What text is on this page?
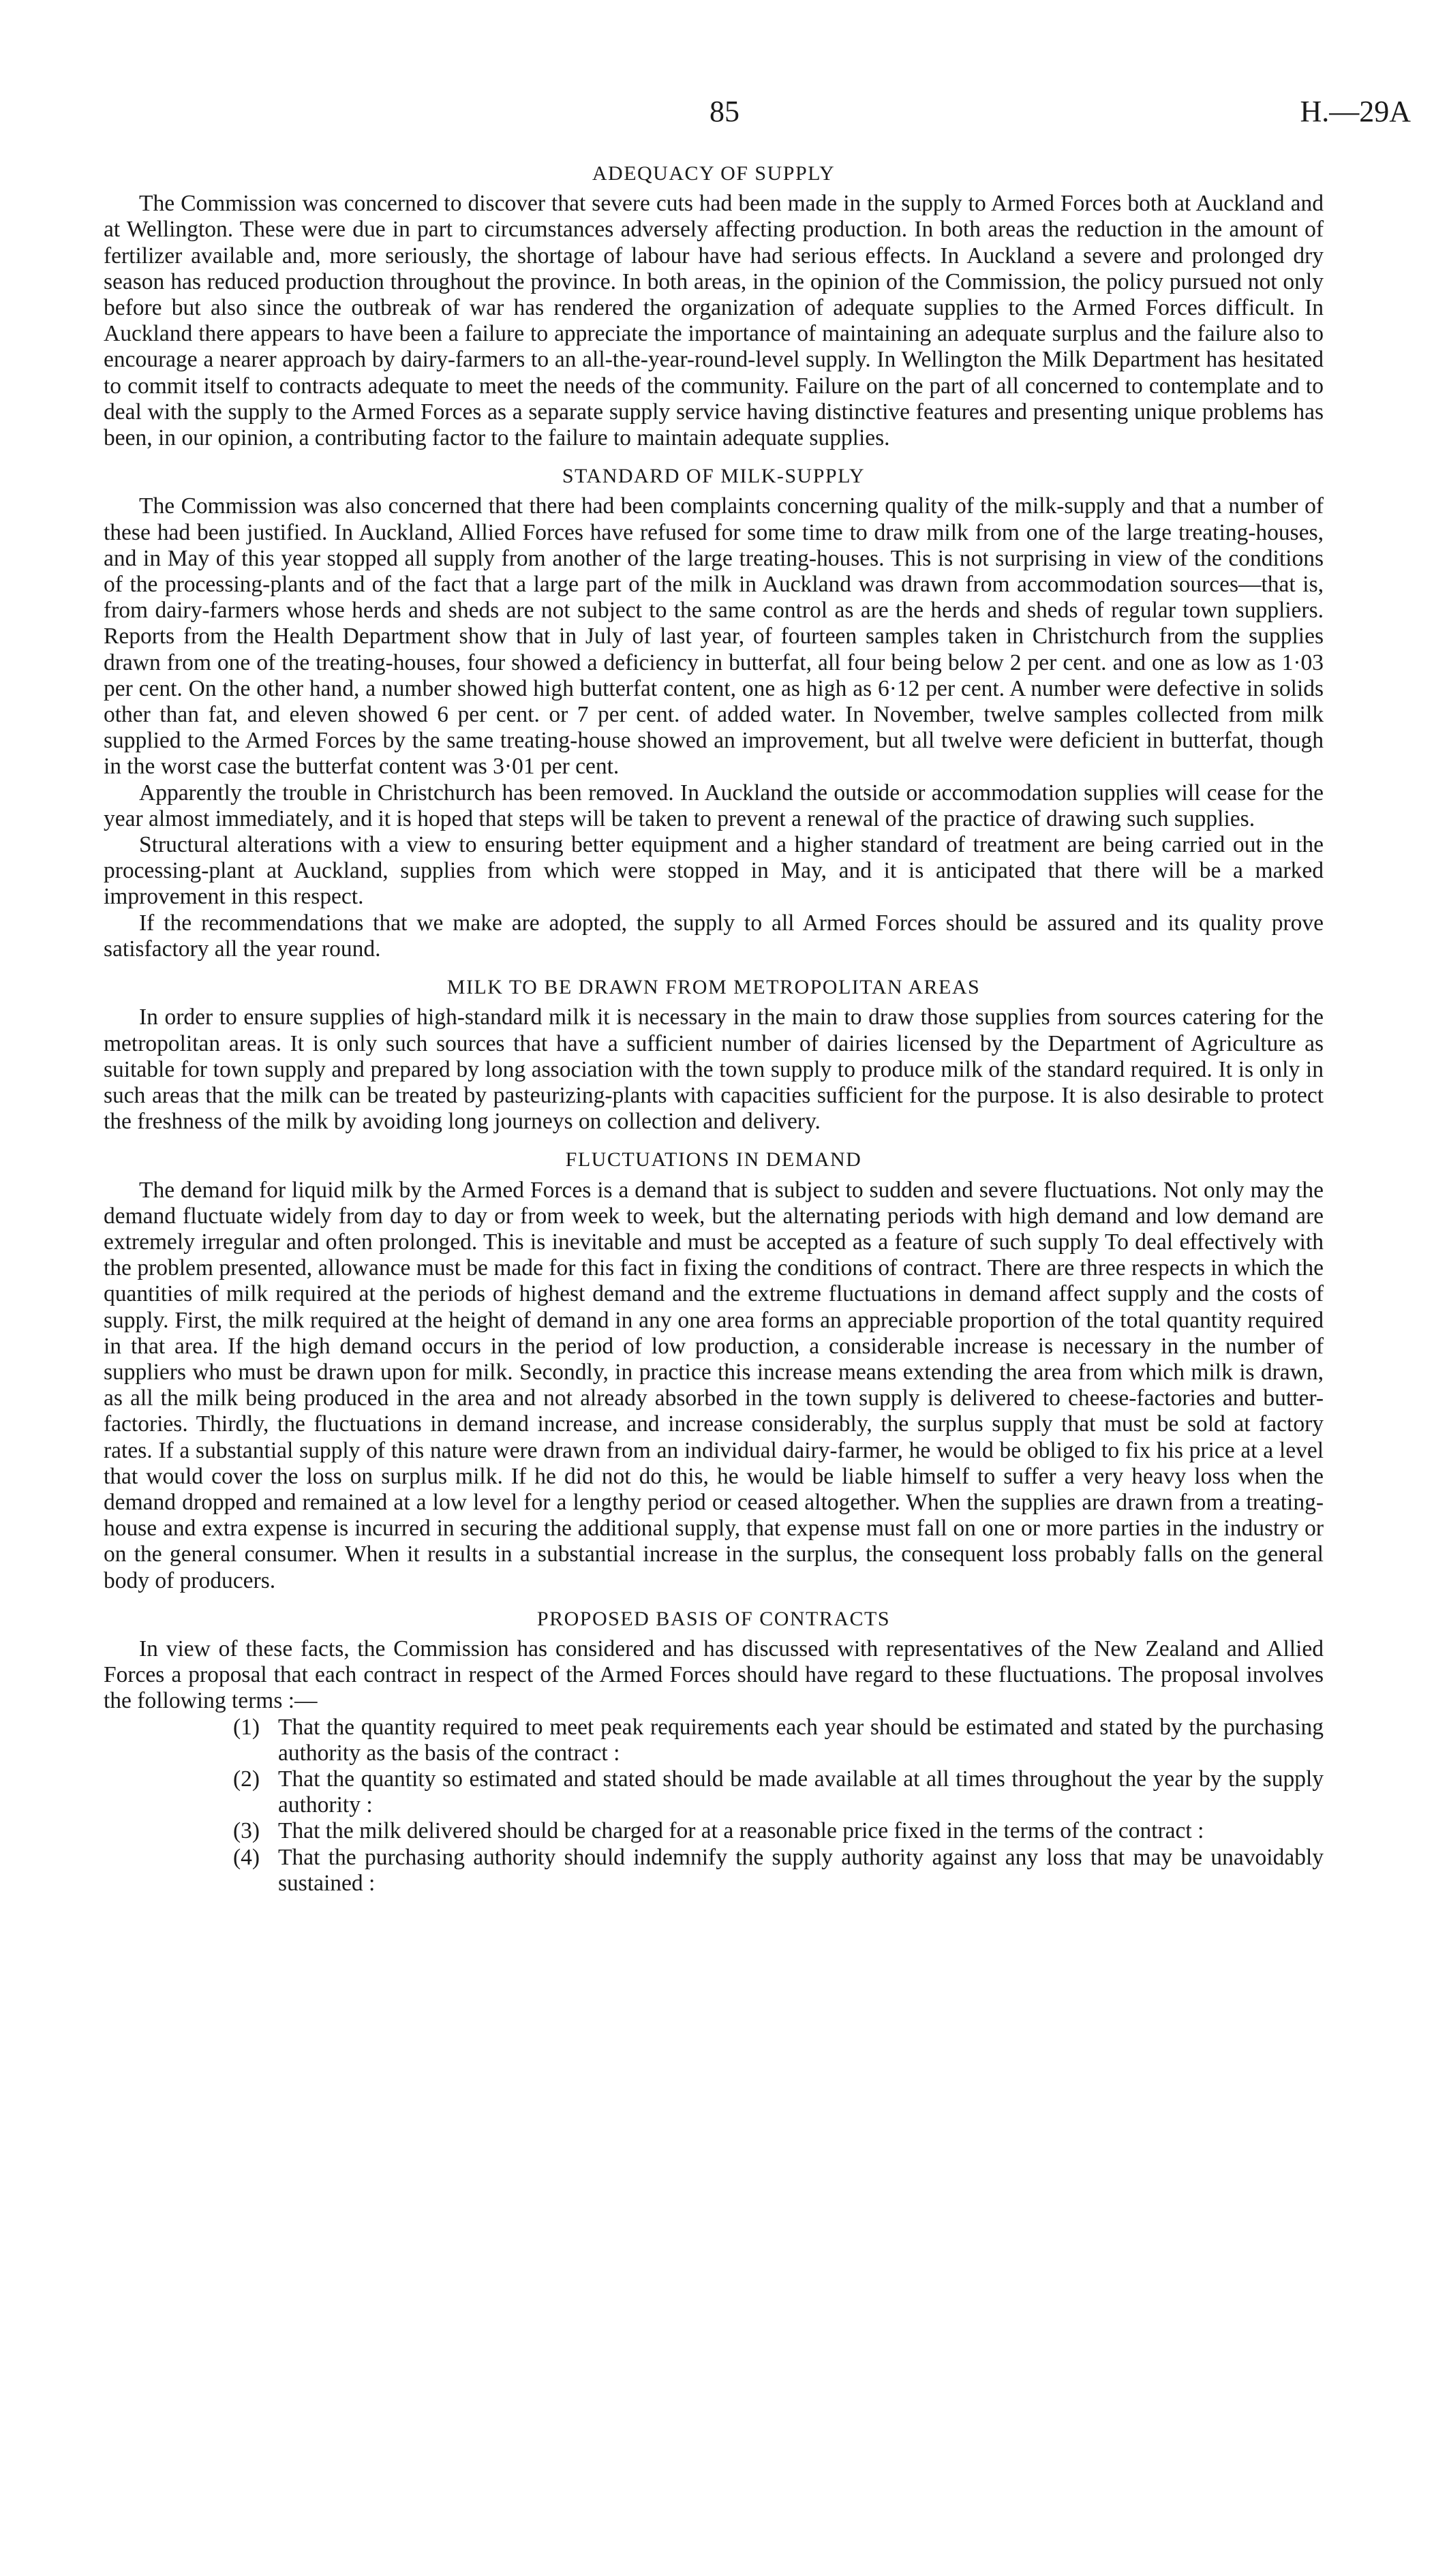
85	H.—29A
ADEQUACY OF SUPPLY

The Commission was concerned to discover that severe cuts had been made in the supply to Armed Forces both at Auckland and at Wellington. These were due in part to circumstances adversely affecting production. In both areas the reduction in the amount of fertilizer available and, more seriously, the shortage of labour have had serious effects. In Auckland a severe and prolonged dry season has reduced production throughout the province. In both areas, in the opinion of the Commission, the policy pursued not only before but also since the outbreak of war has rendered the organization of adequate supplies to the Armed Forces difficult. In Auckland there appears to have been a failure to appreciate the importance of maintaining an adequate surplus and the failure also to encourage a nearer approach by dairy-farmers to an all-the-year-round-level supply. In Wellington the Milk Department has hesitated to commit itself to contracts adequate to meet the needs of the community. Failure on the part of all concerned to contemplate and to deal with the supply to the Armed Forces as a separate supply service having distinctive features and presenting unique problems has been, in our opinion, a contributing factor to the failure to maintain adequate supplies.

STANDARD OF MILK-SUPPLY

The Commission was also concerned that there had been complaints concerning quality of the milk-supply and that a number of these had been justified. In Auckland, Allied Forces have refused for some time to draw milk from one of the large treating-houses, and in May of this year stopped all supply from another of the large treating-houses. This is not surprising in view of the conditions of the processing-plants and of the fact that a large part of the milk in Auckland was drawn from accommodation sources—that is, from dairy-farmers whose herds and sheds are not subject to the same control as are the herds and sheds of regular town suppliers. Reports from the Health Department show that in July of last year, of fourteen samples taken in Christchurch from the supplies drawn from one of the treating-houses, four showed a deficiency in butterfat, all four being below 2 per cent. and one as low as 1·03 per cent. On the other hand, a number showed high butterfat content, one as high as 6·12 per cent. A number were defective in solids other than fat, and eleven showed 6 per cent. or 7 per cent. of added water. In November, twelve samples collected from milk supplied to the Armed Forces by the same treating-house showed an improvement, but all twelve were deficient in butterfat, though in the worst case the butterfat content was 3·01 per cent.

Apparently the trouble in Christchurch has been removed. In Auckland the outside or accommodation supplies will cease for the year almost immediately, and it is hoped that steps will be taken to prevent a renewal of the practice of drawing such supplies.

Structural alterations with a view to ensuring better equipment and a higher standard of treatment are being carried out in the processing-plant at Auckland, supplies from which were stopped in May, and it is anticipated that there will be a marked improvement in this respect.

If the recommendations that we make are adopted, the supply to all Armed Forces should be assured and its quality prove satisfactory all the year round.

MILK TO BE DRAWN FROM METROPOLITAN AREAS

In order to ensure supplies of high-standard milk it is necessary in the main to draw those supplies from sources catering for the metropolitan areas. It is only such sources that have a sufficient number of dairies licensed by the Department of Agriculture as suitable for town supply and prepared by long association with the town supply to produce milk of the standard required. It is only in such areas that the milk can be treated by pasteurizing-plants with capacities sufficient for the purpose. It is also desirable to protect the freshness of the milk by avoiding long journeys on collection and delivery.

FLUCTUATIONS IN DEMAND

The demand for liquid milk by the Armed Forces is a demand that is subject to sudden and severe fluctuations. Not only may the demand fluctuate widely from day to day or from week to week, but the alternating periods with high demand and low demand are extremely irregular and often prolonged. This is inevitable and must be accepted as a feature of such supply To deal effectively with the problem presented, allowance must be made for this fact in fixing the conditions of contract. There are three respects in which the quantities of milk required at the periods of highest demand and the extreme fluctuations in demand affect supply and the costs of supply. First, the milk required at the height of demand in any one area forms an appreciable proportion of the total quantity required in that area. If the high demand occurs in the period of low production, a considerable increase is necessary in the number of suppliers who must be drawn upon for milk. Secondly, in practice this increase means extending the area from which milk is drawn, as all the milk being produced in the area and not already absorbed in the town supply is delivered to cheese-factories and butter-factories. Thirdly, the fluctuations in demand increase, and increase considerably, the surplus supply that must be sold at factory rates. If a substantial supply of this nature were drawn from an individual dairy-farmer, he would be obliged to fix his price at a level that would cover the loss on surplus milk. If he did not do this, he would be liable himself to suffer a very heavy loss when the demand dropped and remained at a low level for a lengthy period or ceased altogether. When the supplies are drawn from a treating-house and extra expense is incurred in securing the additional supply, that expense must fall on one or more parties in the industry or on the general consumer. When it results in a substantial increase in the surplus, the consequent loss probably falls on the general body of producers.

PROPOSED BASIS OF CONTRACTS

In view of these facts, the Commission has considered and has discussed with representatives of the New Zealand and Allied Forces a proposal that each contract in respect of the Armed Forces should have regard to these fluctuations. The proposal involves the following terms :—

(1) That the quantity required to meet peak requirements each year should be estimated and stated by the purchasing authority as the basis of the contract :
(2) That the quantity so estimated and stated should be made available at all times throughout the year by the supply authority :
(3) That the milk delivered should be charged for at a reasonable price fixed in the terms of the contract :
(4) That the purchasing authority should indemnify the supply authority against any loss that may be unavoidably sustained :
